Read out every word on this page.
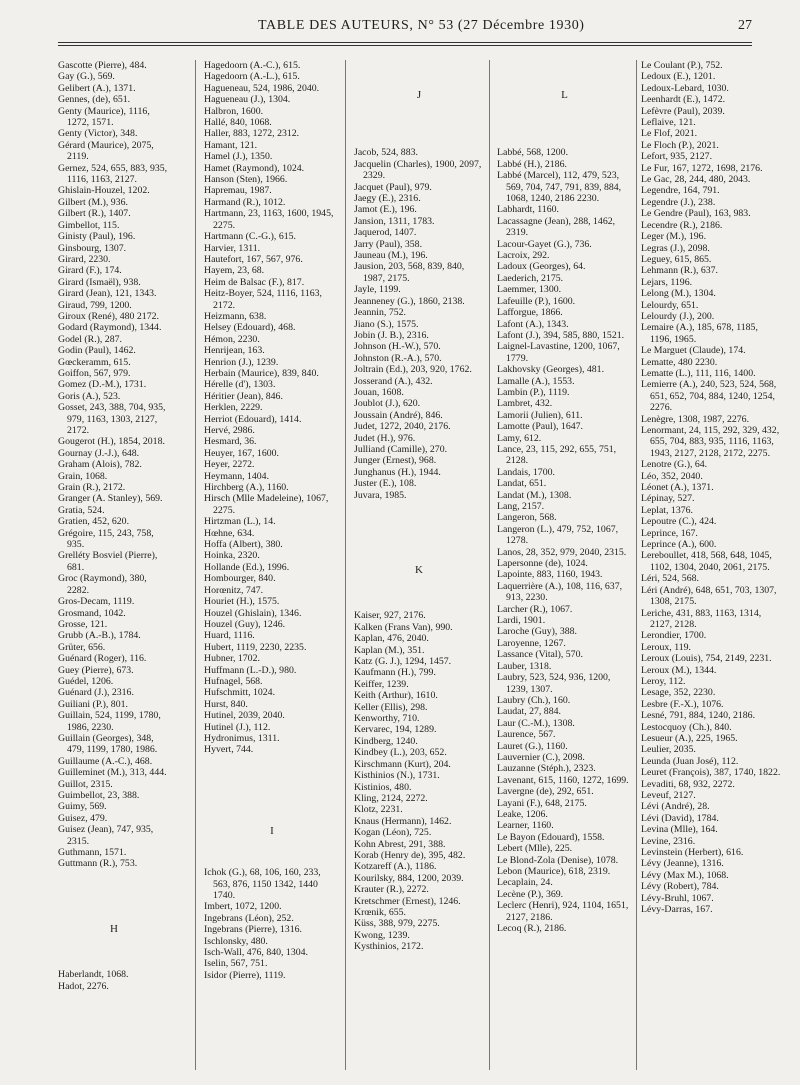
TABLE DES AUTEURS, N° 53 (27 Décembre 1930)	27

Gascotte (Pierre), 484.

Gay (G.), 569.

Gelibert (A.), 1371.

Gennes, (de), 651.

Genty (Maurice), 1116, 1272, 1571.

Genty (Victor), 348.

Gérard (Maurice), 2075, 2119.

Gernez, 524, 655, 883, 935, 1116, 1163, 2127.

Ghislain-Houzel, 1202.

Gilbert (M.), 936.

Gilbert (R.), 1407.

Gimbellot, 115.

Ginisty (Paul), 196.

Ginsbourg, 1307.

Girard, 2230.

Girard (F.), 174.

Girard (Ismaël), 938.

Girard (Jean), 121, 1343.

Giraud, 799, 1200.

Giroux (René), 480 2172.

Godard (Raymond), 1344.

Godel (R.), 287.

Godin (Paul), 1462.

Gœckeramm, 615.

Goiffon, 567, 979.

Gomez (D.-M.), 1731.

Goris (A.), 523.

Gosset, 243, 388, 704, 935, 979, 1163, 1303, 2127, 2172.

Gougerot (H.), 1854, 2018.

Gournay (J.-J.), 648.

Graham (Alois), 782.

Grain, 1068.

Grain (R.), 2172.

Granger (A. Stanley), 569.

Gratia, 524.

Gratien, 452, 620.

Grégoire, 115, 243, 758, 935.

Grelléty Bosviel (Pierre), 681.

Groc (Raymond), 380, 2282.

Gros-Decam, 1119.

Grosmand, 1042.

Grosse, 121.

Grubb (A.-B.), 1784.

Grüter, 656.

Guénard (Roger), 116.

Guey (Pierre), 673.

Guédel, 1206.

Guénard (J.), 2316.

Guiliani (P.), 801.

Guillain, 524, 1199, 1780, 1986, 2230.

Guillain (Georges), 348, 479, 1199, 1780, 1986.

Guillaume (A.-C.), 468.

Guilleminet (M.), 313, 444.

Guillot, 2315.

Guimbellot, 23, 388.

Guimy, 569.

Guisez, 479.

Guisez (Jean), 747, 935, 2315.

Guthmann, 1571.

Guttmann (R.), 753.

H

Haberlandt, 1068.

Hadot, 2276.

Hagedoorn (A.-C.), 615.

Hagedoorn (A.-L.), 615.

Hagueneau, 524, 1986, 2040.

Hagueneau (J.), 1304.

Halbron, 1600.

Hallé, 840, 1068.

Haller, 883, 1272, 2312.

Hamant, 121.

Hamel (J.), 1350.

Hamet (Raymond), 1024.

Hanson (Sten), 1966.

Hapremau, 1987.

Harmand (R.), 1012.

Hartmann, 23, 1163, 1600, 1945, 2275.

Hartmann (C.-G.), 615.

Harvier, 1311.

Hautefort, 167, 567, 976.

Hayem, 23, 68.

Heim de Balsac (F.), 817.

Heitz-Boyer, 524, 1116, 1163, 2172.

Heizmann, 638.

Helsey (Edouard), 468.

Hémon, 2230.

Henrijean, 163.

Henrion (J.), 1239.

Herbain (Maurice), 839, 840.

Hérelle (d'), 1303.

Héritier (Jean), 846.

Herklen, 2229.

Herriot (Edouard), 1414.

Hervé, 2986.

Hesmard, 36.

Heuyer, 167, 1600.

Heyer, 2272.

Heymann, 1404.

Hirchberg (A.), 1160.

Hirsch (Mlle Madeleine), 1067, 2275.

Hirtzman (L.), 14.

Hœhne, 634.

Hoffa (Albert), 380.

Hoinka, 2320.

Hollande (Ed.), 1996.

Hombourger, 840.

Horœnitz, 747.

Houriet (H.), 1575.

Houzel (Ghislain), 1346.

Houzel (Guy), 1246.

Huard, 1116.

Hubert, 1119, 2230, 2235.

Hubner, 1702.

Huffmann (L.-D.), 980.

Hufnagel, 568.

Hufschmitt, 1024.

Hurst, 840.

Hutinel, 2039, 2040.

Hutinel (J.), 112.

Hydronimus, 1311.

Hyvert, 744.

I

Ichok (G.), 68, 106, 160, 233, 563, 876, 1150 1342, 1440 1740.

Imbert, 1072, 1200.

Ingebrans (Léon), 252.

Ingebrans (Pierre), 1316.

Ischlonsky, 480.

Isch-Wall, 476, 840, 1304.

Iselin, 567, 751.

Isidor (Pierre), 1119.

J

Jacob, 524, 883.

Jacquelin (Charles), 1900, 2097, 2329.

Jacquet (Paul), 979.

Jaegy (E.), 2316.

Jamot (E.), 196.

Jansion, 1311, 1783.

Jaquerod, 1407.

Jarry (Paul), 358.

Jauneau (M.), 196.

Jausion, 203, 568, 839, 840, 1987, 2175.

Jayle, 1199.

Jeanneney (G.), 1860, 2138.

Jeannin, 752.

Jiano (S.), 1575.

Jobin (J. B.), 2316.

Johnson (H.-W.), 570.

Johnston (R.-A.), 570.

Joltrain (Ed.), 203, 920, 1762.

Josserand (A.), 432.

Jouan, 1608.

Joublot (J.), 620.

Joussain (André), 846.

Judet, 1272, 2040, 2176.

Judet (H.), 976.

Julliand (Camille), 270.

Junger (Ernest), 968.

Junghanus (H.), 1944.

Juster (E.), 108.

Juvara, 1985.

K

Kaiser, 927, 2176.

Kalken (Frans Van), 990.

Kaplan, 476, 2040.

Kaplan (M.), 351.

Katz (G. J.), 1294, 1457.

Kaufmann (H.), 799.

Keiffer, 1239.

Keith (Arthur), 1610.

Keller (Ellis), 298.

Kenworthy, 710.

Kervarec, 194, 1289.

Kindberg, 1240.

Kindbey (L.), 203, 652.

Kirschmann (Kurt), 204.

Kisthinios (N.), 1731.

Kistinios, 480.

Kling, 2124, 2272.

Klotz, 2231.

Knaus (Hermann), 1462.

Kogan (Léon), 725.

Kohn Abrest, 291, 388.

Korab (Henry de), 395, 482.

Kotzareff (A.), 1186.

Kourilsky, 884, 1200, 2039.

Krauter (R.), 2272.

Kretschmer (Ernest), 1246.

Krœnik, 655.

Küss, 388, 979, 2275.

Kwong, 1239.

Kysthinios, 2172.

L

Labbé, 568, 1200.

Labbé (H.), 2186.

Labbé (Marcel), 112, 479, 523, 569, 704, 747, 791, 839, 884, 1068, 1240, 2186 2230.

Labhardt, 1160.

Lacassagne (Jean), 288, 1462, 2319.

Lacour-Gayet (G.), 736.

Lacroix, 292.

Ladoux (Georges), 64.

Laederich, 2175.

Laemmer, 1300.

Lafeuille (P.), 1600.

Lafforgue, 1866.

Lafont (A.), 1343.

Lafont (J.), 394, 585, 880, 1521.

Laignel-Lavastine, 1200, 1067, 1779.

Lakhovsky (Georges), 481.

Lamalle (A.), 1553.

Lambin (P.), 1119.

Lambret, 432.

Lamorii (Julien), 611.

Lamotte (Paul), 1647.

Lamy, 612.

Lance, 23, 115, 292, 655, 751, 2128.

Landais, 1700.

Landat, 651.

Landat (M.), 1308.

Lang, 2157.

Langeron, 568.

Langeron (L.), 479, 752, 1067, 1278.

Lanos, 28, 352, 979, 2040, 2315.

Lapersonne (de), 1024.

Lapointe, 883, 1160, 1943.

Laquerrière (A.), 108, 116, 637, 913, 2230.

Larcher (R.), 1067.

Lardi, 1901.

Laroche (Guy), 388.

Laroyenne, 1267.

Lassance (Vital), 570.

Lauber, 1318.

Laubry, 523, 524, 936, 1200, 1239, 1307.

Laubry (Ch.), 160.

Laudat, 27, 884.

Laur (C.-M.), 1308.

Laurence, 567.

Lauret (G.), 1160.

Lauvernier (C.), 2098.

Lauzanne (Stéph.), 2323.

Lavenant, 615, 1160, 1272, 1699.

Lavergne (de), 292, 651.

Layani (F.), 648, 2175.

Leake, 1206.

Learner, 1160.

Le Bayon (Edouard), 1558.

Lebert (Mlle), 225.

Le Blond-Zola (Denise), 1078.

Lebon (Maurice), 618, 2319.

Lecaplain, 24.

Lecène (P.), 369.

Leclerc (Henri), 924, 1104, 1651, 2127, 2186.

Lecoq (R.), 2186.

Le Coulant (P.), 752.

Ledoux (E.), 1201.

Ledoux-Lebard, 1030.

Leenhardt (E.), 1472.

Lefèvre (Paul), 2039.

Leflaive, 121.

Le Flof, 2021.

Le Floch (P.), 2021.

Lefort, 935, 2127.

Le Fur, 167, 1272, 1698, 2176.

Le Gac, 28, 244, 480, 2043.

Legendre, 164, 791.

Legendre (J.), 238.

Le Gendre (Paul), 163, 983.

Lecendre (R.), 2186.

Leger (M.), 196.

Legras (J.), 2098.

Leguey, 615, 865.

Lehmann (R.), 637.

Lejars, 1196.

Lelong (M.), 1304.

Lelourdy, 651.

Lelourdy (J.), 200.

Lemaire (A.), 185, 678, 1185, 1196, 1965.

Le Marguet (Claude), 174.

Lematte, 480 2230.

Lematte (L.), 111, 116, 1400.

Lemierre (A.), 240, 523, 524, 568, 651, 652, 704, 884, 1240, 1254, 2276.

Lenègre, 1308, 1987, 2276.

Lenormant, 24, 115, 292, 329, 432, 655, 704, 883, 935, 1116, 1163, 1943, 2127, 2128, 2172, 2275.

Lenotre (G.), 64.

Léo, 352, 2040.

Léonet (A.), 1371.

Lépinay, 527.

Leplat, 1376.

Lepoutre (C.), 424.

Leprince, 167.

Leprince (A.), 600.

Lereboullet, 418, 568, 648, 1045, 1102, 1304, 2040, 2061, 2175.

Léri, 524, 568.

Léri (André), 648, 651, 703, 1307, 1308, 2175.

Leriche, 431, 883, 1163, 1314, 2127, 2128.

Lerondier, 1700.

Leroux, 119.

Leroux (Louis), 754, 2149, 2231.

Leroux (M.), 1344.

Leroy, 112.

Lesage, 352, 2230.

Lesbre (F.-X.), 1076.

Lesné, 791, 884, 1240, 2186.

Lestocquoy (Ch.), 840.

Lesueur (A.), 225, 1965.

Leulier, 2035.

Leunda (Juan José), 112.

Leuret (François), 387, 1740, 1822.

Levaditi, 68, 932, 2272.

Leveuf, 2127.

Lévi (André), 28.

Lévi (David), 1784.

Levina (Mlle), 164.

Levine, 2316.

Levinstein (Herbert), 616.

Lévy (Jeanne), 1316.

Lévy (Max M.), 1068.

Lévy (Robert), 784.

Lévy-Bruhl, 1067.

Lévy-Darras, 167.
